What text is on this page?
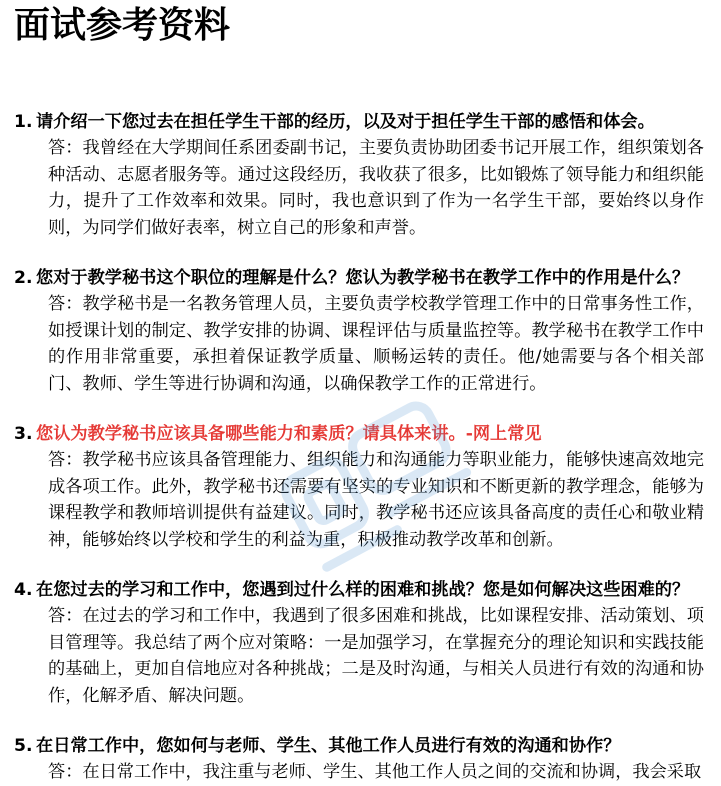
面试参考资料
1. 请介绍一下您过去在担任学生干部的经历，以及对于担任学生干部的感悟和体会。
答：我曾经在大学期间任系团委副书记，主要负责协助团委书记开展工作，组织策划各种活动、志愿者服务等。通过这段经历，我收获了很多，比如锻炼了领导能力和组织能力，提升了工作效率和效果。同时，我也意识到了作为一名学生干部，要始终以身作则，为同学们做好表率，树立自己的形象和声誉。
2. 您对于教学秘书这个职位的理解是什么？您认为教学秘书在教学工作中的作用是什么？
答：教学秘书是一名教务管理人员，主要负责学校教学管理工作中的日常事务性工作，如授课计划的制定、教学安排的协调、课程评估与质量监控等。教学秘书在教学工作中的作用非常重要，承担着保证教学质量、顺畅运转的责任。他/她需要与各个相关部门、教师、学生等进行协调和沟通，以确保教学工作的正常进行。
3. 您认为教学秘书应该具备哪些能力和素质？请具体来讲。-网上常见
答：教学秘书应该具备管理能力、组织能力和沟通能力等职业能力，能够快速高效地完成各项工作。此外，教学秘书还需要有坚实的专业知识和不断更新的教学理念，能够为课程教学和教师培训提供有益建议。同时，教学秘书还应该具备高度的责任心和敬业精神，能够始终以学校和学生的利益为重，积极推动教学改革和创新。
4. 在您过去的学习和工作中，您遇到过什么样的困难和挑战？您是如何解决这些困难的？
答：在过去的学习和工作中，我遇到了很多困难和挑战，比如课程安排、活动策划、项目管理等。我总结了两个应对策略：一是加强学习，在掌握充分的理论知识和实践技能的基础上，更加自信地应对各种挑战；二是及时沟通，与相关人员进行有效的沟通和协作，化解矛盾、解决问题。
5. 在日常工作中，您如何与老师、学生、其他工作人员进行有效的沟通和协作？
答：在日常工作中，我注重与老师、学生、其他工作人员之间的交流和协调，我会采取
